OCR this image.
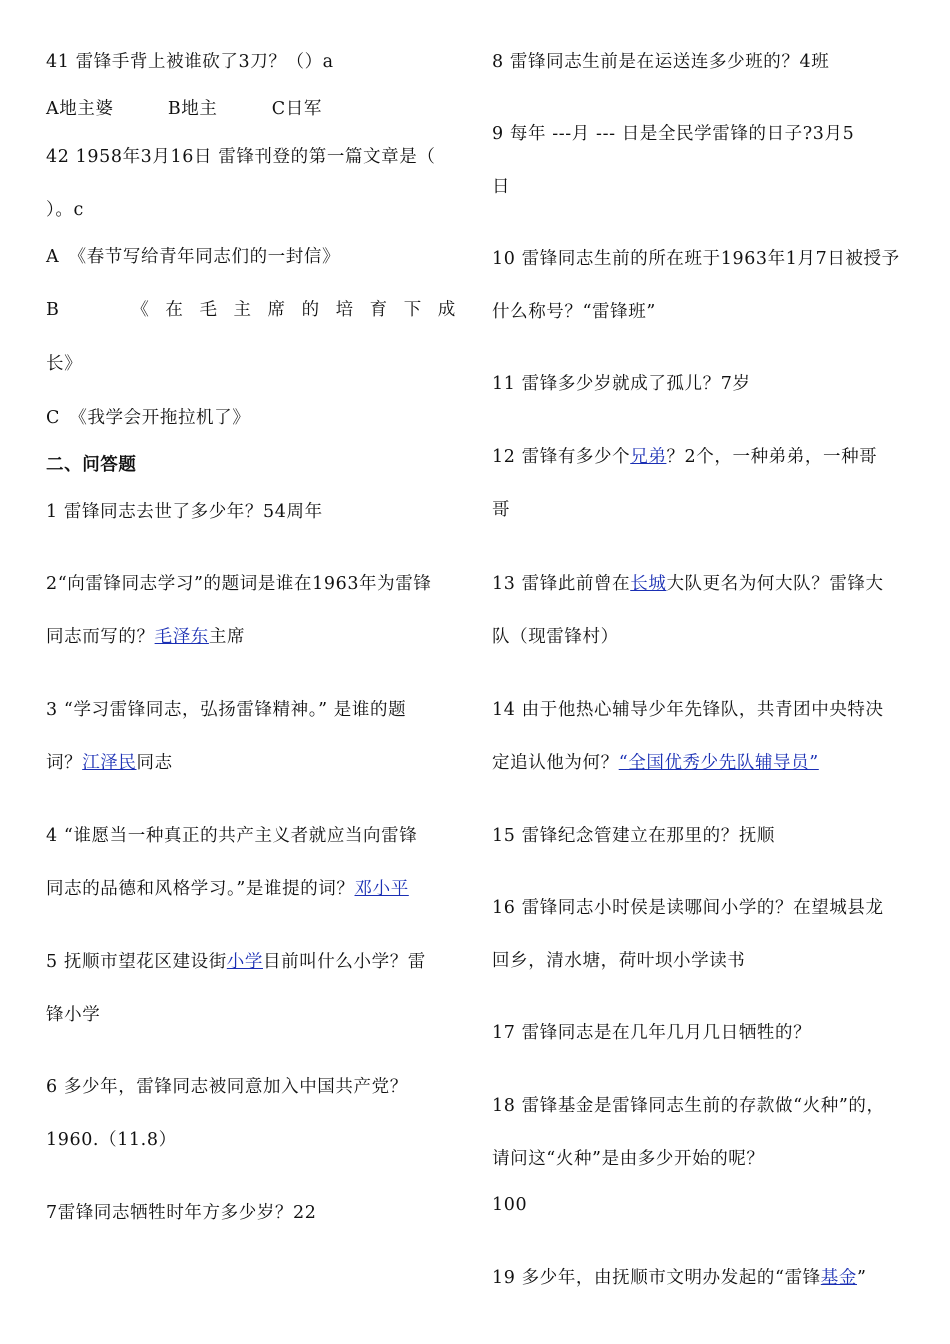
41 雷锋手背上被谁砍了3刀？（）a
A地主婆　　　B地主　　　C日军
42 1958年3月16日 雷锋刊登的第一篇文章是（
）。c
A　《春节写给青年同志们的一封信》
B	《 在 毛 主 席 的 培 育 下 成
长》
C　《我学会开拖拉机了》
二、问答题
1 雷锋同志去世了多少年？54周年
2“向雷锋同志学习”的题词是谁在1963年为雷锋
同志而写的？毛泽东主席
3 “学习雷锋同志，弘扬雷锋精神。” 是谁的题
词？江泽民同志
4 “谁愿当一种真正的共产主义者就应当向雷锋
同志的品德和风格学习。”是谁提的词？邓小平
5 抚顺市望花区建设街小学目前叫什么小学？雷
锋小学
6 多少年，雷锋同志被同意加入中国共产党？
1960.（11.8）
7雷锋同志牺牲时年方多少岁？22
8 雷锋同志生前是在运送连多少班的？4班
9 每年 ---月 --- 日是全民学雷锋的日子?3月5
日
10 雷锋同志生前的所在班于1963年1月7日被授予
什么称号？“雷锋班”
11 雷锋多少岁就成了孤儿？7岁
12 雷锋有多少个兄弟？2个，一种弟弟，一种哥
哥
13 雷锋此前曾在长城大队更名为何大队？雷锋大
队（现雷锋村）
14 由于他热心辅导少年先锋队，共青团中央特决
定追认他为何？“全国优秀少先队辅导员”
15 雷锋纪念管建立在那里的？抚顺
16 雷锋同志小时侯是读哪间小学的？在望城县龙
回乡，清水塘，荷叶坝小学读书
17 雷锋同志是在几年几月几日牺牲的？
18 雷锋基金是雷锋同志生前的存款做“火种”的，
请问这“火种”是由多少开始的呢？
100
19 多少年，由抚顺市文明办发起的“雷锋基金”
